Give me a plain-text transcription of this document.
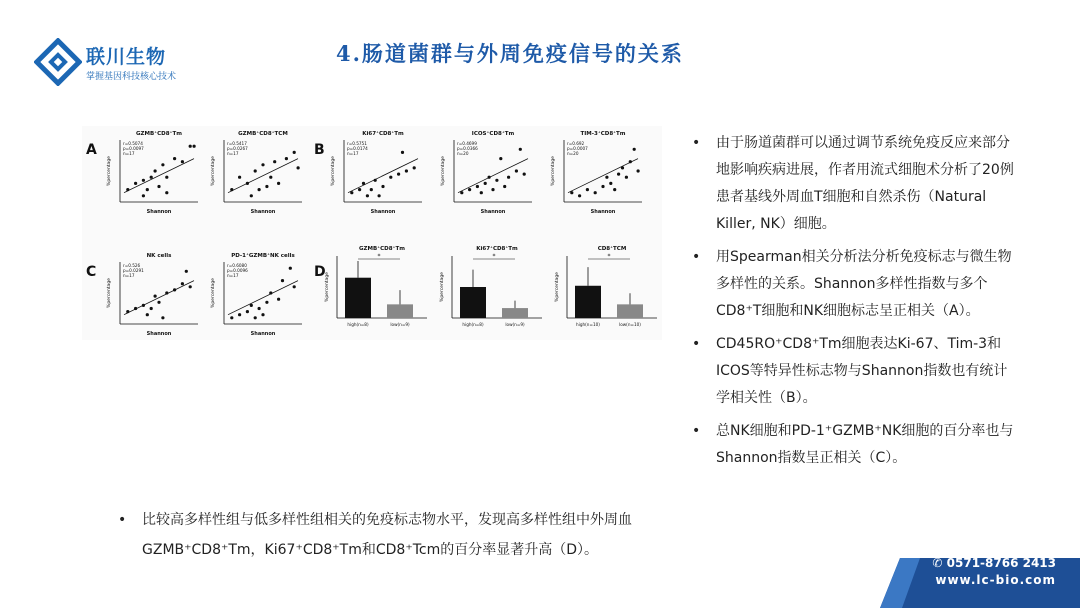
联川生物
掌握基因科技核心技术
4.肠道菌群与外周免疫信号的关系
A	B
C	D
GZMB⁺CD8⁺Tm
r=0.5074
p=0.0097
n=17
Shannon
%percentage
GZMB⁺CD8⁺TCM
r=0.5417
p=0.0267
n=17
Shannon
%percentage
Ki67⁺CD8⁺Tm
r=0.5751
p=0.0174
n=17
Shannon
%percentage
ICOS⁺CD8⁺Tm
r=0.4699
p=0.0366
n=20
Shannon
%percentage
TIM-3⁺CD8⁺Tm
r=0.692
p=0.0007
n=20
Shannon
%percentage
NK cells
r=0.526
p=0.0291
n=17
Shannon
%percentage
PD-1⁺GZMB⁺NK cells
r=0.6080
p=0.0096
n=17
Shannon
%percentage
GZMB⁺CD8⁺Tm
*
high(n=8)	low(n=9)
%percentage
Ki67⁺CD8⁺Tm
*
high(n=8)	low(n=9)
%percentage
CD8⁺TCM
*
high(n=10)	low(n=10)
%percentage
• 由于肠道菌群可以通过调节系统免疫反应来部分地影响疾病进展，作者用流式细胞术分析了20例患者基线外周血T细胞和自然杀伤（Natural Killer, NK）细胞。
• 用Spearman相关分析法分析免疫标志与微生物多样性的关系。Shannon多样性指数与多个CD8⁺T细胞和NK细胞标志呈正相关（A）。
• CD45RO⁺CD8⁺Tm细胞表达Ki-67、Tim-3和ICOS等特异性标志物与Shannon指数也有统计学相关性（B）。
• 总NK细胞和PD-1⁺GZMB⁺NK细胞的百分率也与Shannon指数呈正相关（C）。
• 比较高多样性组与低多样性组相关的免疫标志物水平，发现高多样性组中外周血GZMB⁺CD8⁺Tm，Ki67⁺CD8⁺Tm和CD8⁺Tcm的百分率显著升高（D）。
✆ 0571-8766 2413
www.lc-bio.com
